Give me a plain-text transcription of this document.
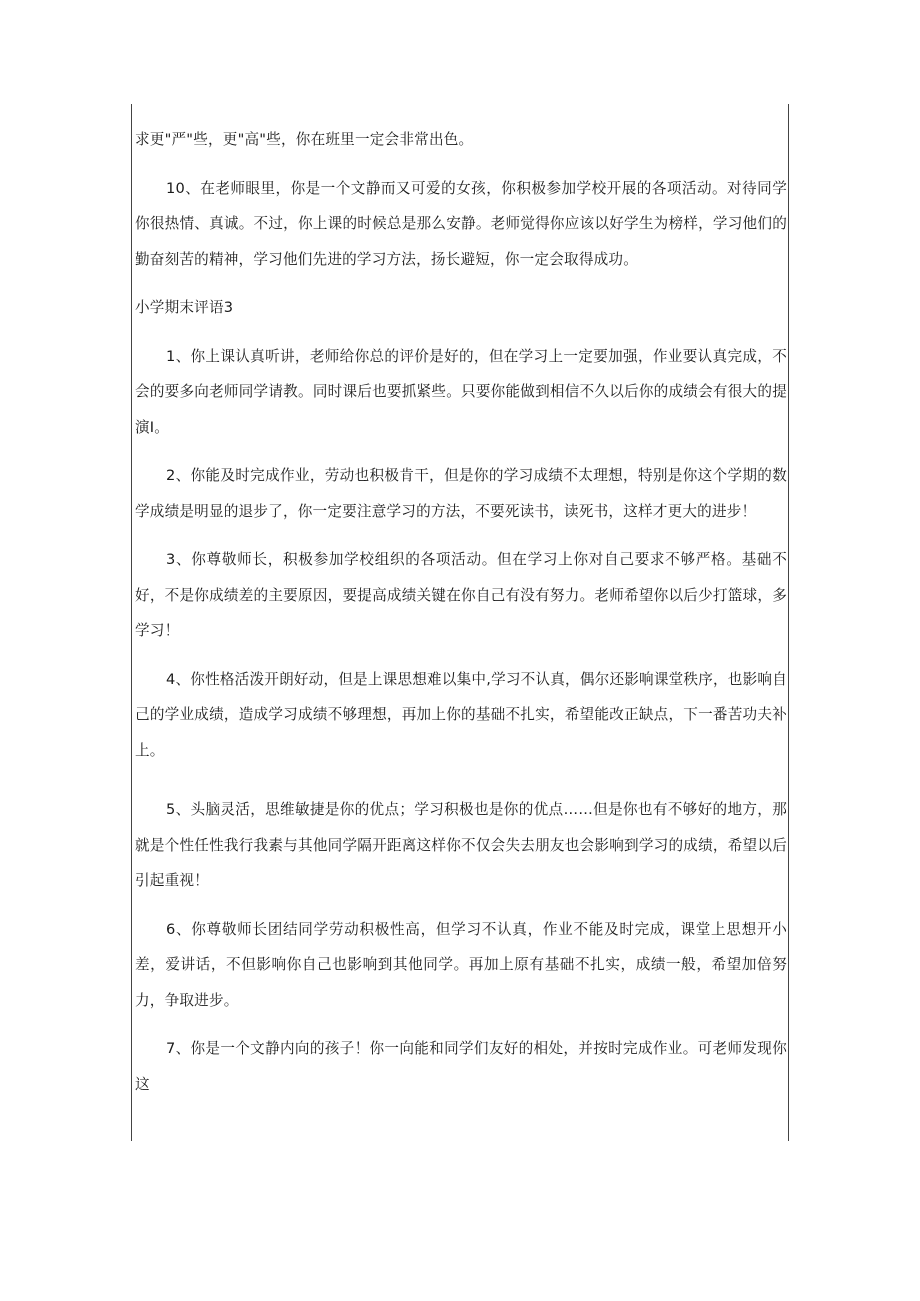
求更"严"些，更"高"些，你在班里一定会非常出色。

10、在老师眼里，你是一个文静而又可爱的女孩，你积极参加学校开展的各项活动。对待同学你很热情、真诚。不过，你上课的时候总是那么安静。老师觉得你应该以好学生为榜样，学习他们的勤奋刻苦的精神，学习他们先进的学习方法，扬长避短，你一定会取得成功。

小学期末评语3

1、你上课认真听讲，老师给你总的评价是好的，但在学习上一定要加强，作业要认真完成，不会的要多向老师同学请教。同时课后也要抓紧些。只要你能做到相信不久以后你的成绩会有很大的提演I。

2、你能及时完成作业，劳动也积极肯干，但是你的学习成绩不太理想，特别是你这个学期的数学成绩是明显的退步了，你一定要注意学习的方法，不要死读书，读死书，这样才更大的进步！

3、你尊敬师长，积极参加学校组织的各项活动。但在学习上你对自己要求不够严格。基础不好，不是你成绩差的主要原因，要提高成绩关键在你自己有没有努力。老师希望你以后少打篮球，多学习！

4、你性格活泼开朗好动，但是上课思想难以集中,学习不认真，偶尔还影响课堂秩序，也影响自己的学业成绩，造成学习成绩不够理想，再加上你的基础不扎实，希望能改正缺点，下一番苦功夫补上。

5、头脑灵活，思维敏捷是你的优点；学习积极也是你的优点……但是你也有不够好的地方，那就是个性任性我行我素与其他同学隔开距离这样你不仅会失去朋友也会影响到学习的成绩，希望以后引起重视！

6、你尊敬师长团结同学劳动积极性高，但学习不认真，作业不能及时完成，课堂上思想开小差，爱讲话，不但影响你自己也影响到其他同学。再加上原有基础不扎实，成绩一般，希望加倍努力，争取进步。

7、你是一个文静内向的孩子！你一向能和同学们友好的相处，并按时完成作业。可老师发现你这
